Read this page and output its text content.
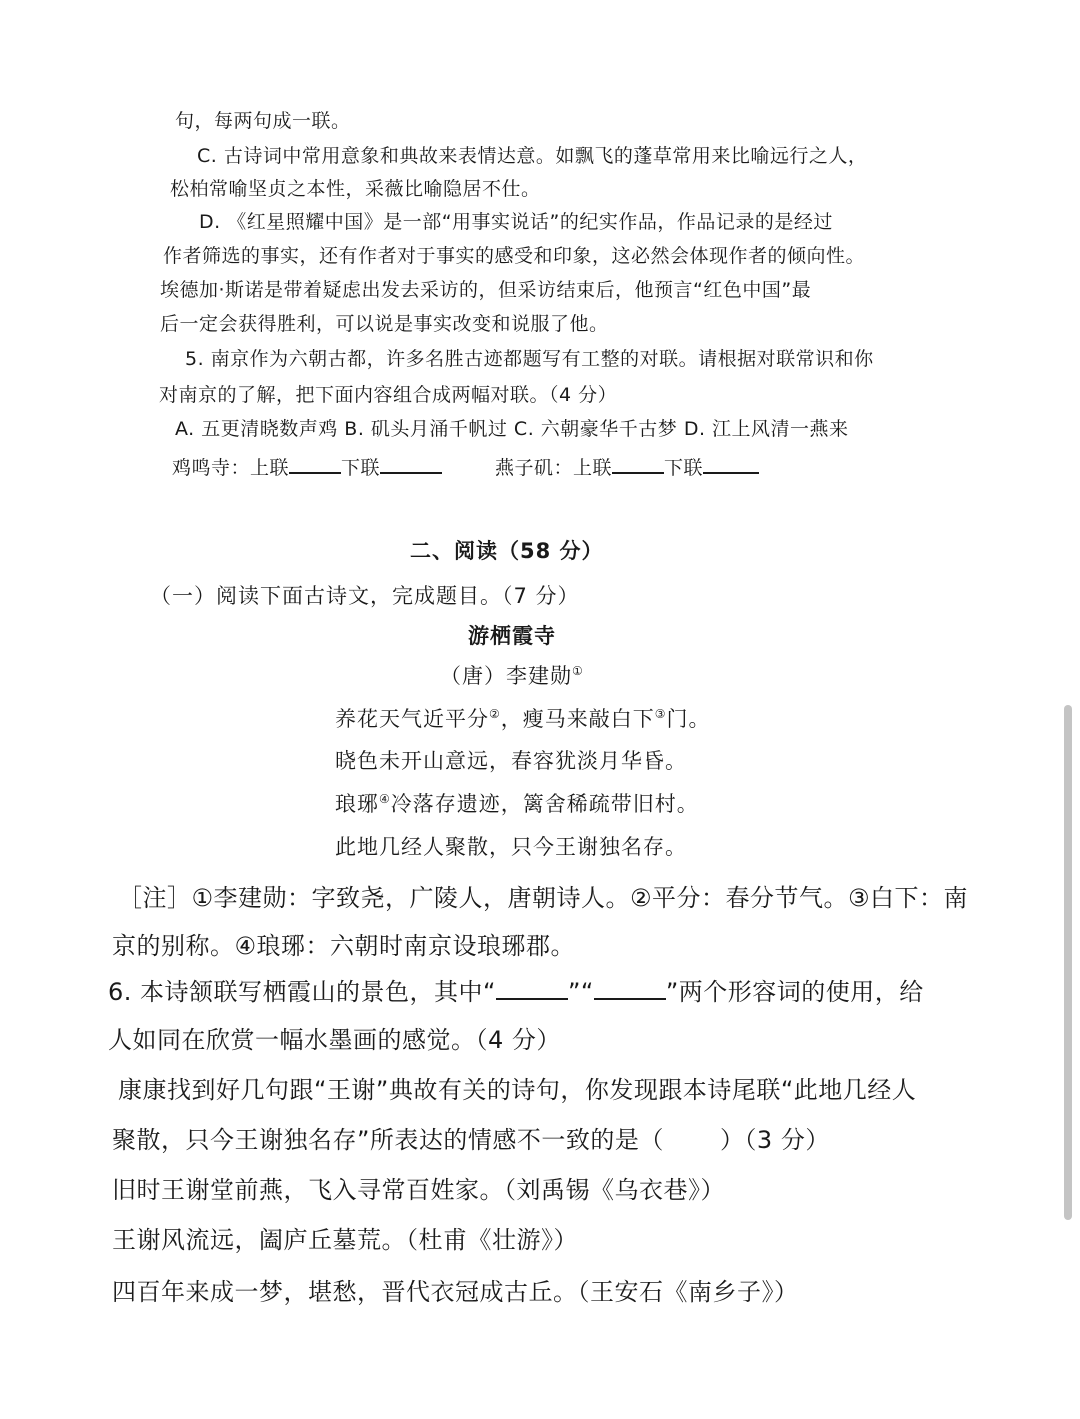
句，每两句成一联。
C. 古诗词中常用意象和典故来表情达意。如飘飞的蓬草常用来比喻远行之人，
松柏常喻坚贞之本性，采薇比喻隐居不仕。
D. 《红星照耀中国》是一部“用事实说话”的纪实作品，作品记录的是经过
作者筛选的事实，还有作者对于事实的感受和印象，这必然会体现作者的倾向性。
埃德加·斯诺是带着疑虑出发去采访的，但采访结束后，他预言“红色中国”最
后一定会获得胜利，可以说是事实改变和说服了他。
5. 南京作为六朝古都，许多名胜古迹都题写有工整的对联。请根据对联常识和你
对南京的了解，把下面内容组合成两幅对联。（4 分）
A. 五更清晓数声鸡 B. 矶头月涌千帆过 C. 六朝豪华千古梦 D. 江上风清一燕来
鸡鸣寺：上联	下联	燕子矶：上联	下联
二、阅读（58 分）
（一）阅读下面古诗文，完成题目。（7 分）
游栖霞寺
（唐）李建勋①
养花天气近平分②，瘦马来敲白下③门。
晓色未开山意远，春容犹淡月华昏。
琅琊④冷落存遗迹，篱舍稀疏带旧村。
此地几经人聚散，只今王谢独名存。
［注］①李建勋：字致尧，广陵人，唐朝诗人。②平分：春分节气。③白下：南
京的别称。④琅琊：六朝时南京设琅琊郡。
6. 本诗颔联写栖霞山的景色，其中“	”“	”两个形容词的使用，给
人如同在欣赏一幅水墨画的感觉。（4 分）
康康找到好几句跟“王谢”典故有关的诗句，你发现跟本诗尾联“此地几经人
聚散，只今王谢独名存”所表达的情感不一致的是（ ）（3 分）
旧时王谢堂前燕，飞入寻常百姓家。（刘禹锡《乌衣巷》）
王谢风流远，阖庐丘墓荒。（杜甫《壮游》）
四百年来成一梦，堪愁，晋代衣冠成古丘。（王安石《南乡子》）
